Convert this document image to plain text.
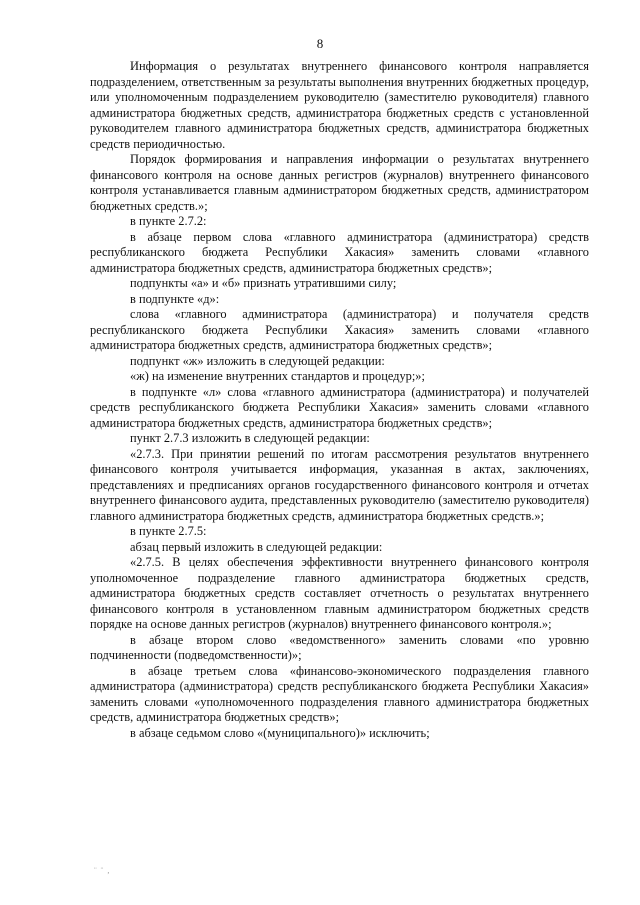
8

Информация о результатах внутреннего финансового контроля направляется подразделением, ответственным за результаты выполнения внутренних бюджетных процедур, или уполномоченным подразделением руководителю (заместителю руководителя) главного администратора бюджетных средств, администратора бюджетных средств с установленной руководителем главного администратора бюджетных средств, администратора бюджетных средств периодичностью.

Порядок формирования и направления информации о результатах внутреннего финансового контроля на основе данных регистров (журналов) внутреннего финансового контроля устанавливается главным администратором бюджетных средств, администратором бюджетных средств.»;

в пункте 2.7.2:

в абзаце первом слова «главного администратора (администратора) средств республиканского бюджета Республики Хакасия» заменить словами «главного администратора бюджетных средств, администратора бюджетных средств»;

подпункты «а» и «б» признать утратившими силу;

в подпункте «д»:

слова «главного администратора (администратора) и получателя средств республиканского бюджета Республики Хакасия» заменить словами «главного администратора бюджетных средств, администратора бюджетных средств»;

подпункт «ж» изложить в следующей редакции:

«ж) на изменение внутренних стандартов и процедур;»;

в подпункте «л» слова «главного администратора (администратора) и получателей средств республиканского бюджета Республики Хакасия» заменить словами «главного администратора бюджетных средств, администратора бюджетных средств»;

пункт 2.7.3 изложить в следующей редакции:

«2.7.3. При принятии решений по итогам рассмотрения результатов внутреннего финансового контроля учитывается информация, указанная в актах, заключениях, представлениях и предписаниях органов государственного финансового контроля и отчетах внутреннего финансового аудита, представленных руководителю (заместителю руководителя) главного администратора бюджетных средств, администратора бюджетных средств.»;

в пункте 2.7.5:

абзац первый изложить в следующей редакции:

«2.7.5. В целях обеспечения эффективности внутреннего финансового контроля уполномоченное подразделение главного администратора бюджетных средств, администратора бюджетных средств составляет отчетность о результатах внутреннего финансового контроля в установленном главным администратором бюджетных средств порядке на основе данных регистров (журналов) внутреннего финансового контроля.»;

в абзаце втором слово «ведомственного» заменить словами «по уровню подчиненности (подведомственности)»;

в абзаце третьем слова «финансово-экономического подразделения главного администратора (администратора) средств республиканского бюджета Республики Хакасия» заменить словами «уполномоченного подразделения главного администратора бюджетных средств, администратора бюджетных средств»;

в абзаце седьмом слово «(муниципального)» исключить;

¨ ¨ ,
